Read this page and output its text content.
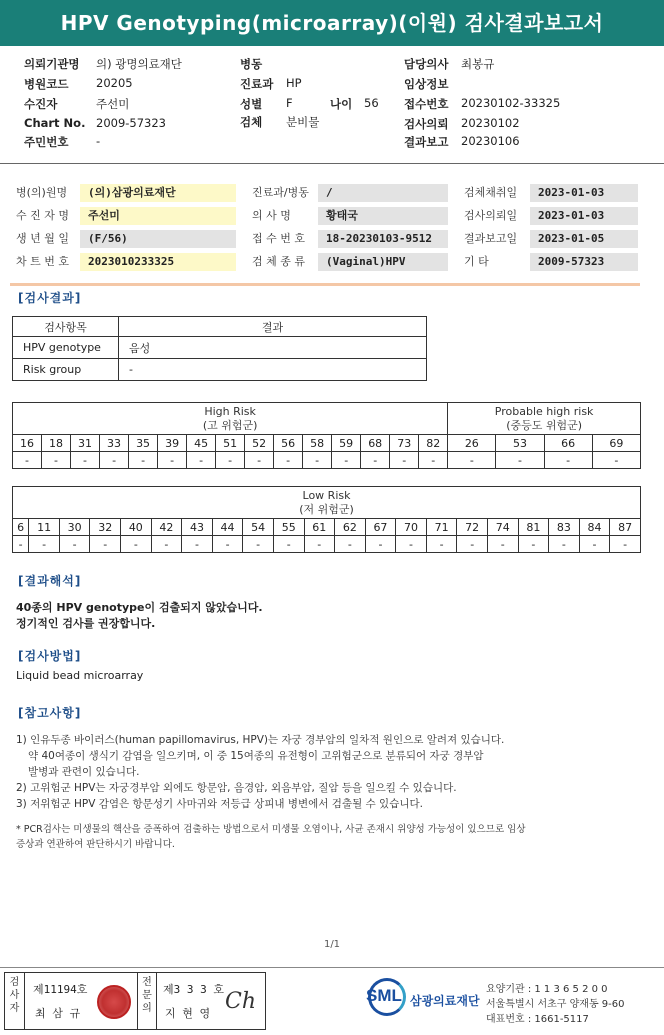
HPV Genotyping(microarray)(이원) 검사결과보고서
의뢰기관명 의) 광명의료재단
병원코드 20205
수진자	주선미
Chart No. 2009-57323
주민번호 -
병동
진료과 HP
성별 F	나이 56
검체 분비물
담당의사 최봉규
임상정보
접수번호 20230102-33325
검사의뢰 20230102
결과보고 20230106
병(의)원명	(의)삼광의료재단
수 진 자 명	주선미
생 년 월 일	(F/56)
차 트 번 호	2023010233325
진료과/병동	/
의 사 명	황태국
접 수 번 호	18-20230103-9512
검 체 종 류	(Vaginal)HPV
검체채취일	2023-01-03
검사의뢰일	2023-01-03
결과보고일	2023-01-05
기 타	2009-57323
[검사결과]
검사항목	결과
HPV genotype	음성
Risk group	-
High Risk
(고 위험군)															Probable high risk
(중등도 위험군)			
16	18	31	33	35	39	45	51	52	56	58	59	68	73	82	26	53	66	69
-	-	-	-	-	-	-	-	-	-	-	-	-	-	-	-	-	-	-
Low Risk
(저 위험군)																				
6	11	30	32	40	42	43	44	54	55	61	62	67	70	71	72	74	81	83	84	87
-	-	-	-	-	-	-	-	-	-	-	-	-	-	-	-	-	-	-	-	-
[결과해석]
40종의 HPV genotype이 검출되지 않았습니다.
정기적인 검사를 권장합니다.
[검사방법]
Liquid bead microarray
[참고사항]
1) 인유두종 바이러스(human papillomavirus, HPV)는 자궁 경부암의 일차적 원인으로 알려져 있습니다.
약 40여종이 생식기 감염을 일으키며, 이 중 15여종의 유전형이 고위험군으로 분류되어 자궁 경부암
발병과 관련이 있습니다.
2) 고위험군 HPV는 자궁경부암 외에도 항문암, 음경암, 외음부암, 질암 등을 일으킬 수 있습니다.
3) 저위험군 HPV 감염은 항문성기 사마귀와 저등급 상피내 병변에서 검출될 수 있습니다.
* PCR검사는 미생물의 핵산을 증폭하여 검출하는 방법으로서 미생물 오염이나, 사균 존재시 위양성 가능성이 있으므로 임상
증상과 연관하여 판단하시기 바랍니다.
1/1
검사자
제11194호
최 삼 규
전문의
제3 3 3 호
지 현 영 Ch	SML 삼광의료재단
요양기관 : 1 1 3 6 5 2 0 0
서울특별시 서초구 양재동 9-60
대표번호 : 1661-5117
